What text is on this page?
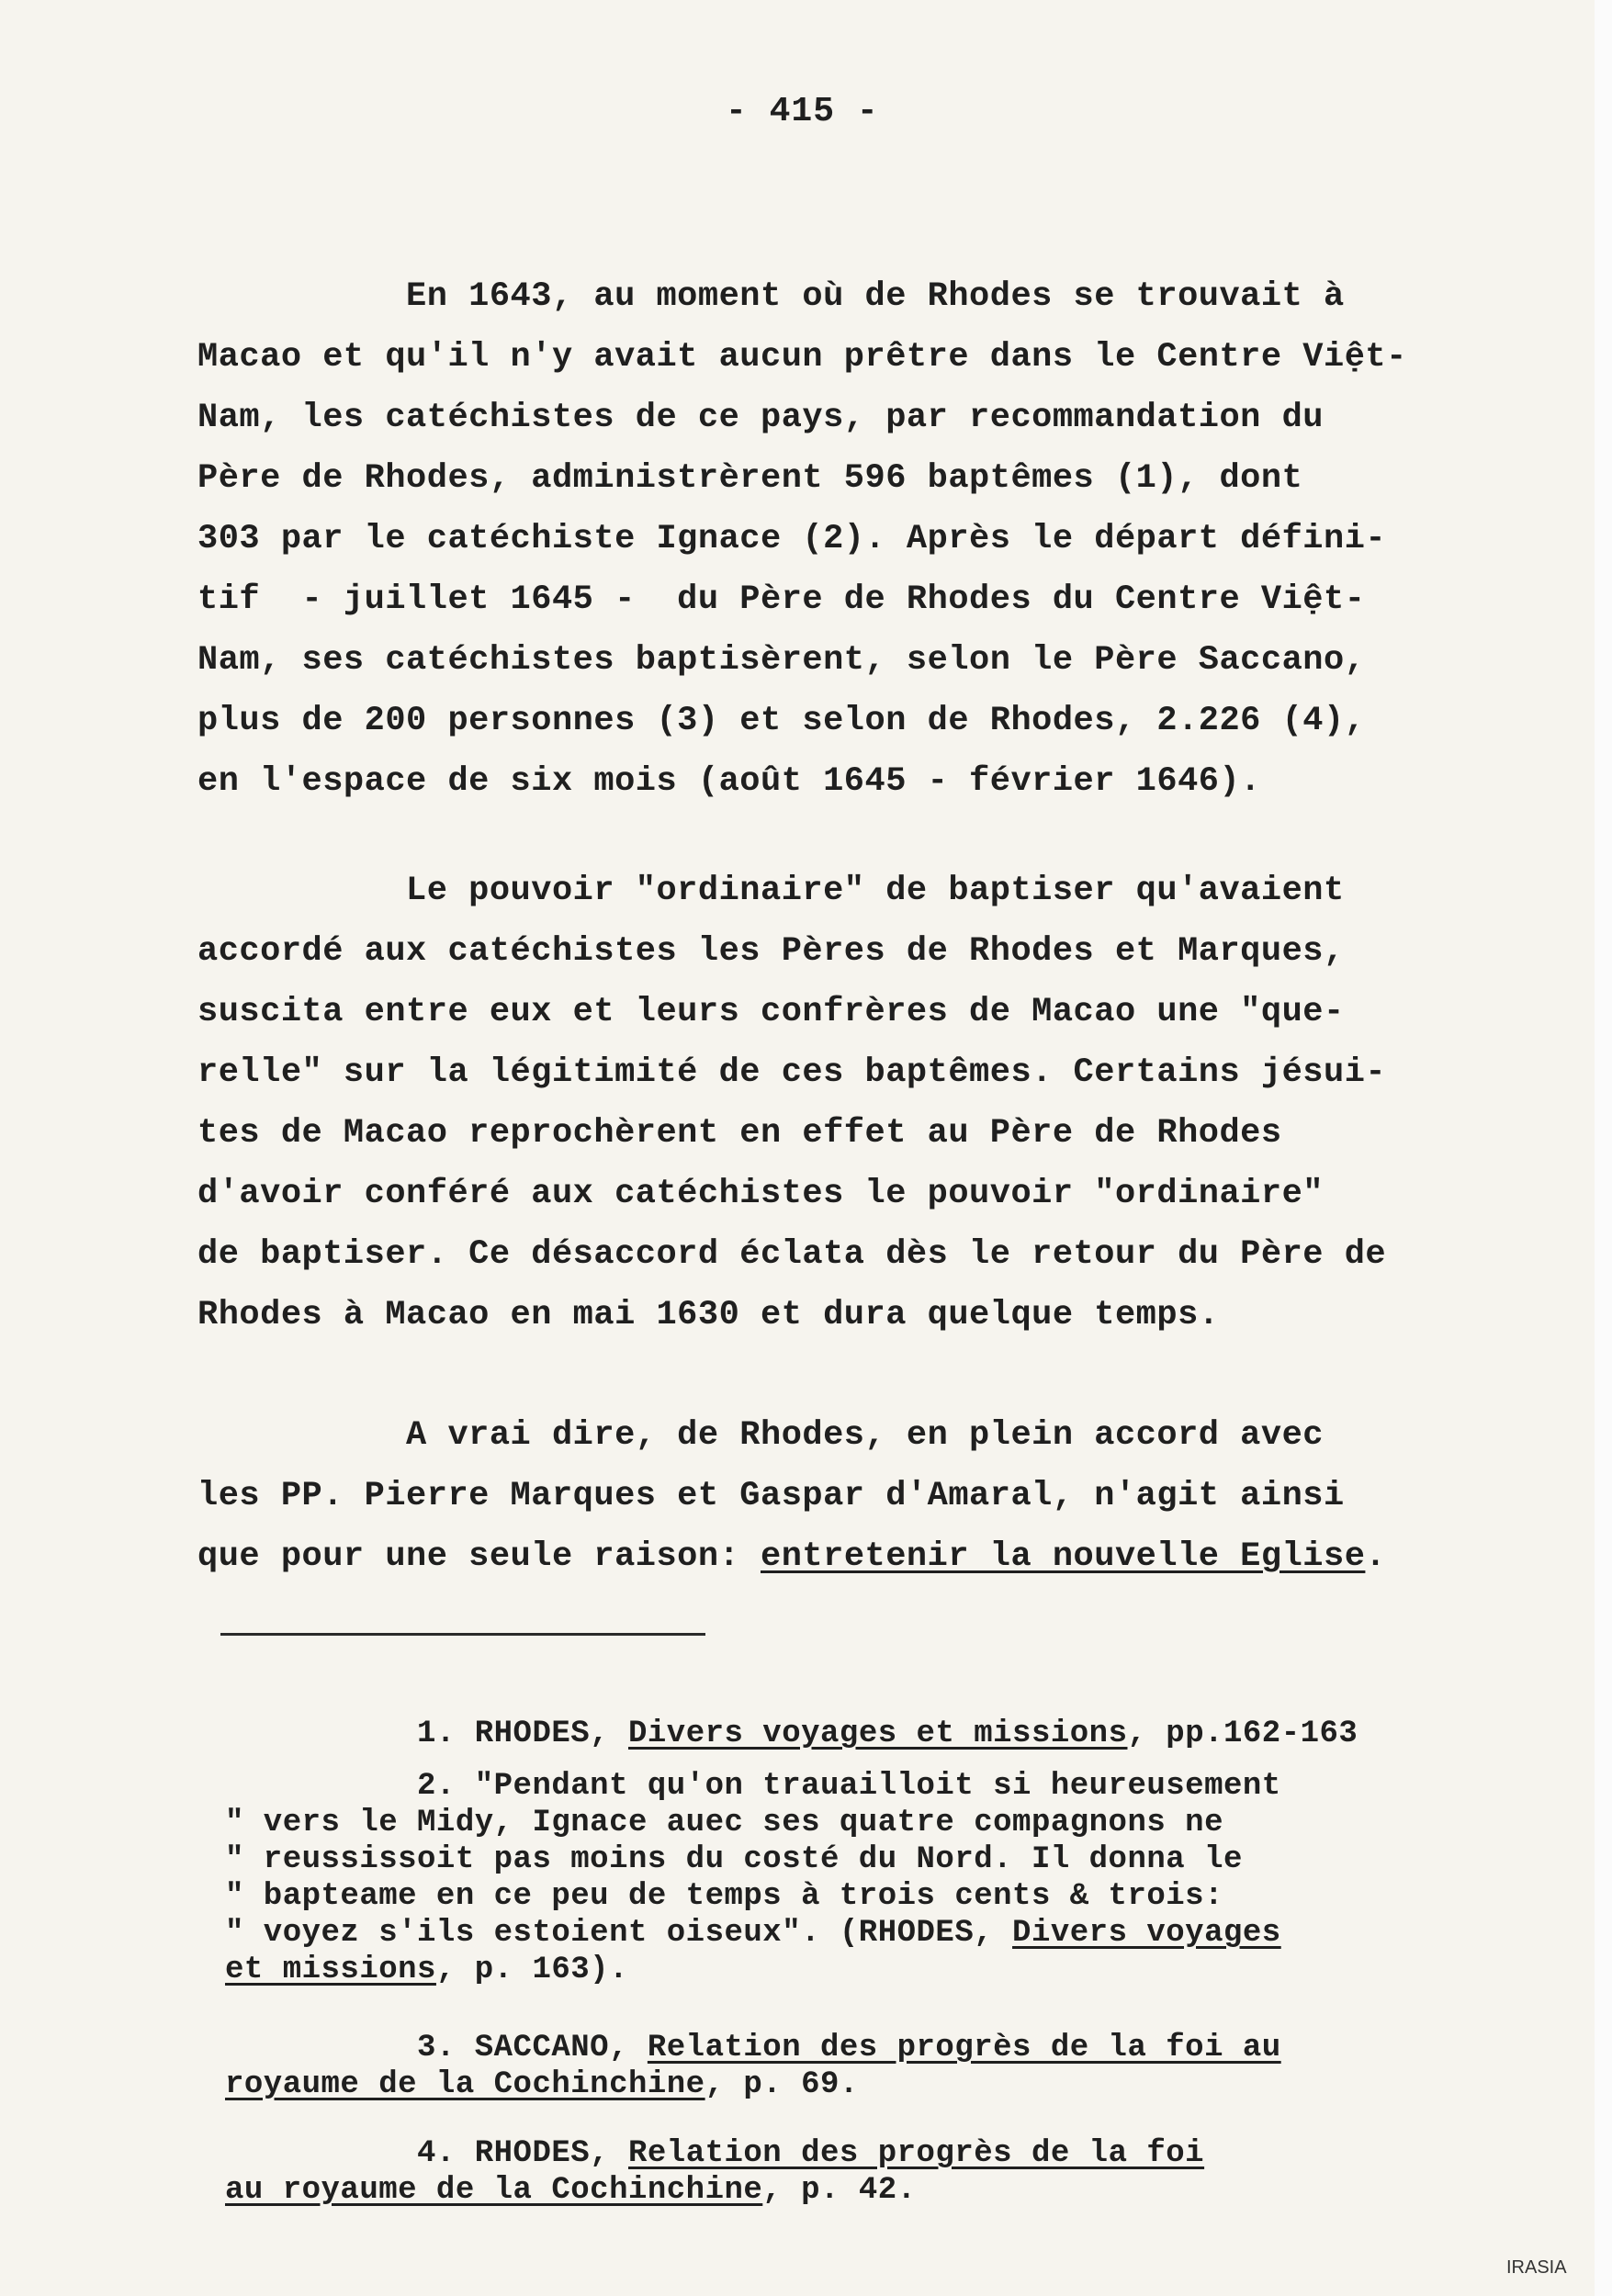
- 415 -
En 1643, au moment où de Rhodes se trouvait à
Macao et qu'il n'y avait aucun prêtre dans le Centre Việt-
Nam, les catéchistes de ce pays, par recommandation du
Père de Rhodes, administrèrent 596 baptêmes (1), dont
303 par le catéchiste Ignace (2). Après le départ défini-
tif  - juillet 1645 -  du Père de Rhodes du Centre Việt-
Nam, ses catéchistes baptisèrent, selon le Père Saccano,
plus de 200 personnes (3) et selon de Rhodes, 2.226 (4),
en l'espace de six mois (août 1645 - février 1646).
Le pouvoir "ordinaire" de baptiser qu'avaient
accordé aux catéchistes les Pères de Rhodes et Marques,
suscita entre eux et leurs confrères de Macao une "que-
relle" sur la légitimité de ces baptêmes. Certains jésui-
tes de Macao reprochèrent en effet au Père de Rhodes
d'avoir conféré aux catéchistes le pouvoir "ordinaire"
de baptiser. Ce désaccord éclata dès le retour du Père de
Rhodes à Macao en mai 1630 et dura quelque temps.
A vrai dire, de Rhodes, en plein accord avec
les PP. Pierre Marques et Gaspar d'Amaral, n'agit ainsi
que pour une seule raison: entretenir la nouvelle Eglise.
1. RHODES, Divers voyages et missions, pp.162-163
2. "Pendant qu'on trauailloit si heureusement
" vers le Midy, Ignace auec ses quatre compagnons ne
" reussissoit pas moins du costé du Nord. Il donna le
" bapteame en ce peu de temps à trois cents & trois:
" voyez s'ils estoient oiseux". (RHODES, Divers voyages
et missions, p. 163).
3. SACCANO, Relation des progrès de la foi au
royaume de la Cochinchine, p. 69.
4. RHODES, Relation des progrès de la foi
au royaume de la Cochinchine, p. 42.
IRASIA
